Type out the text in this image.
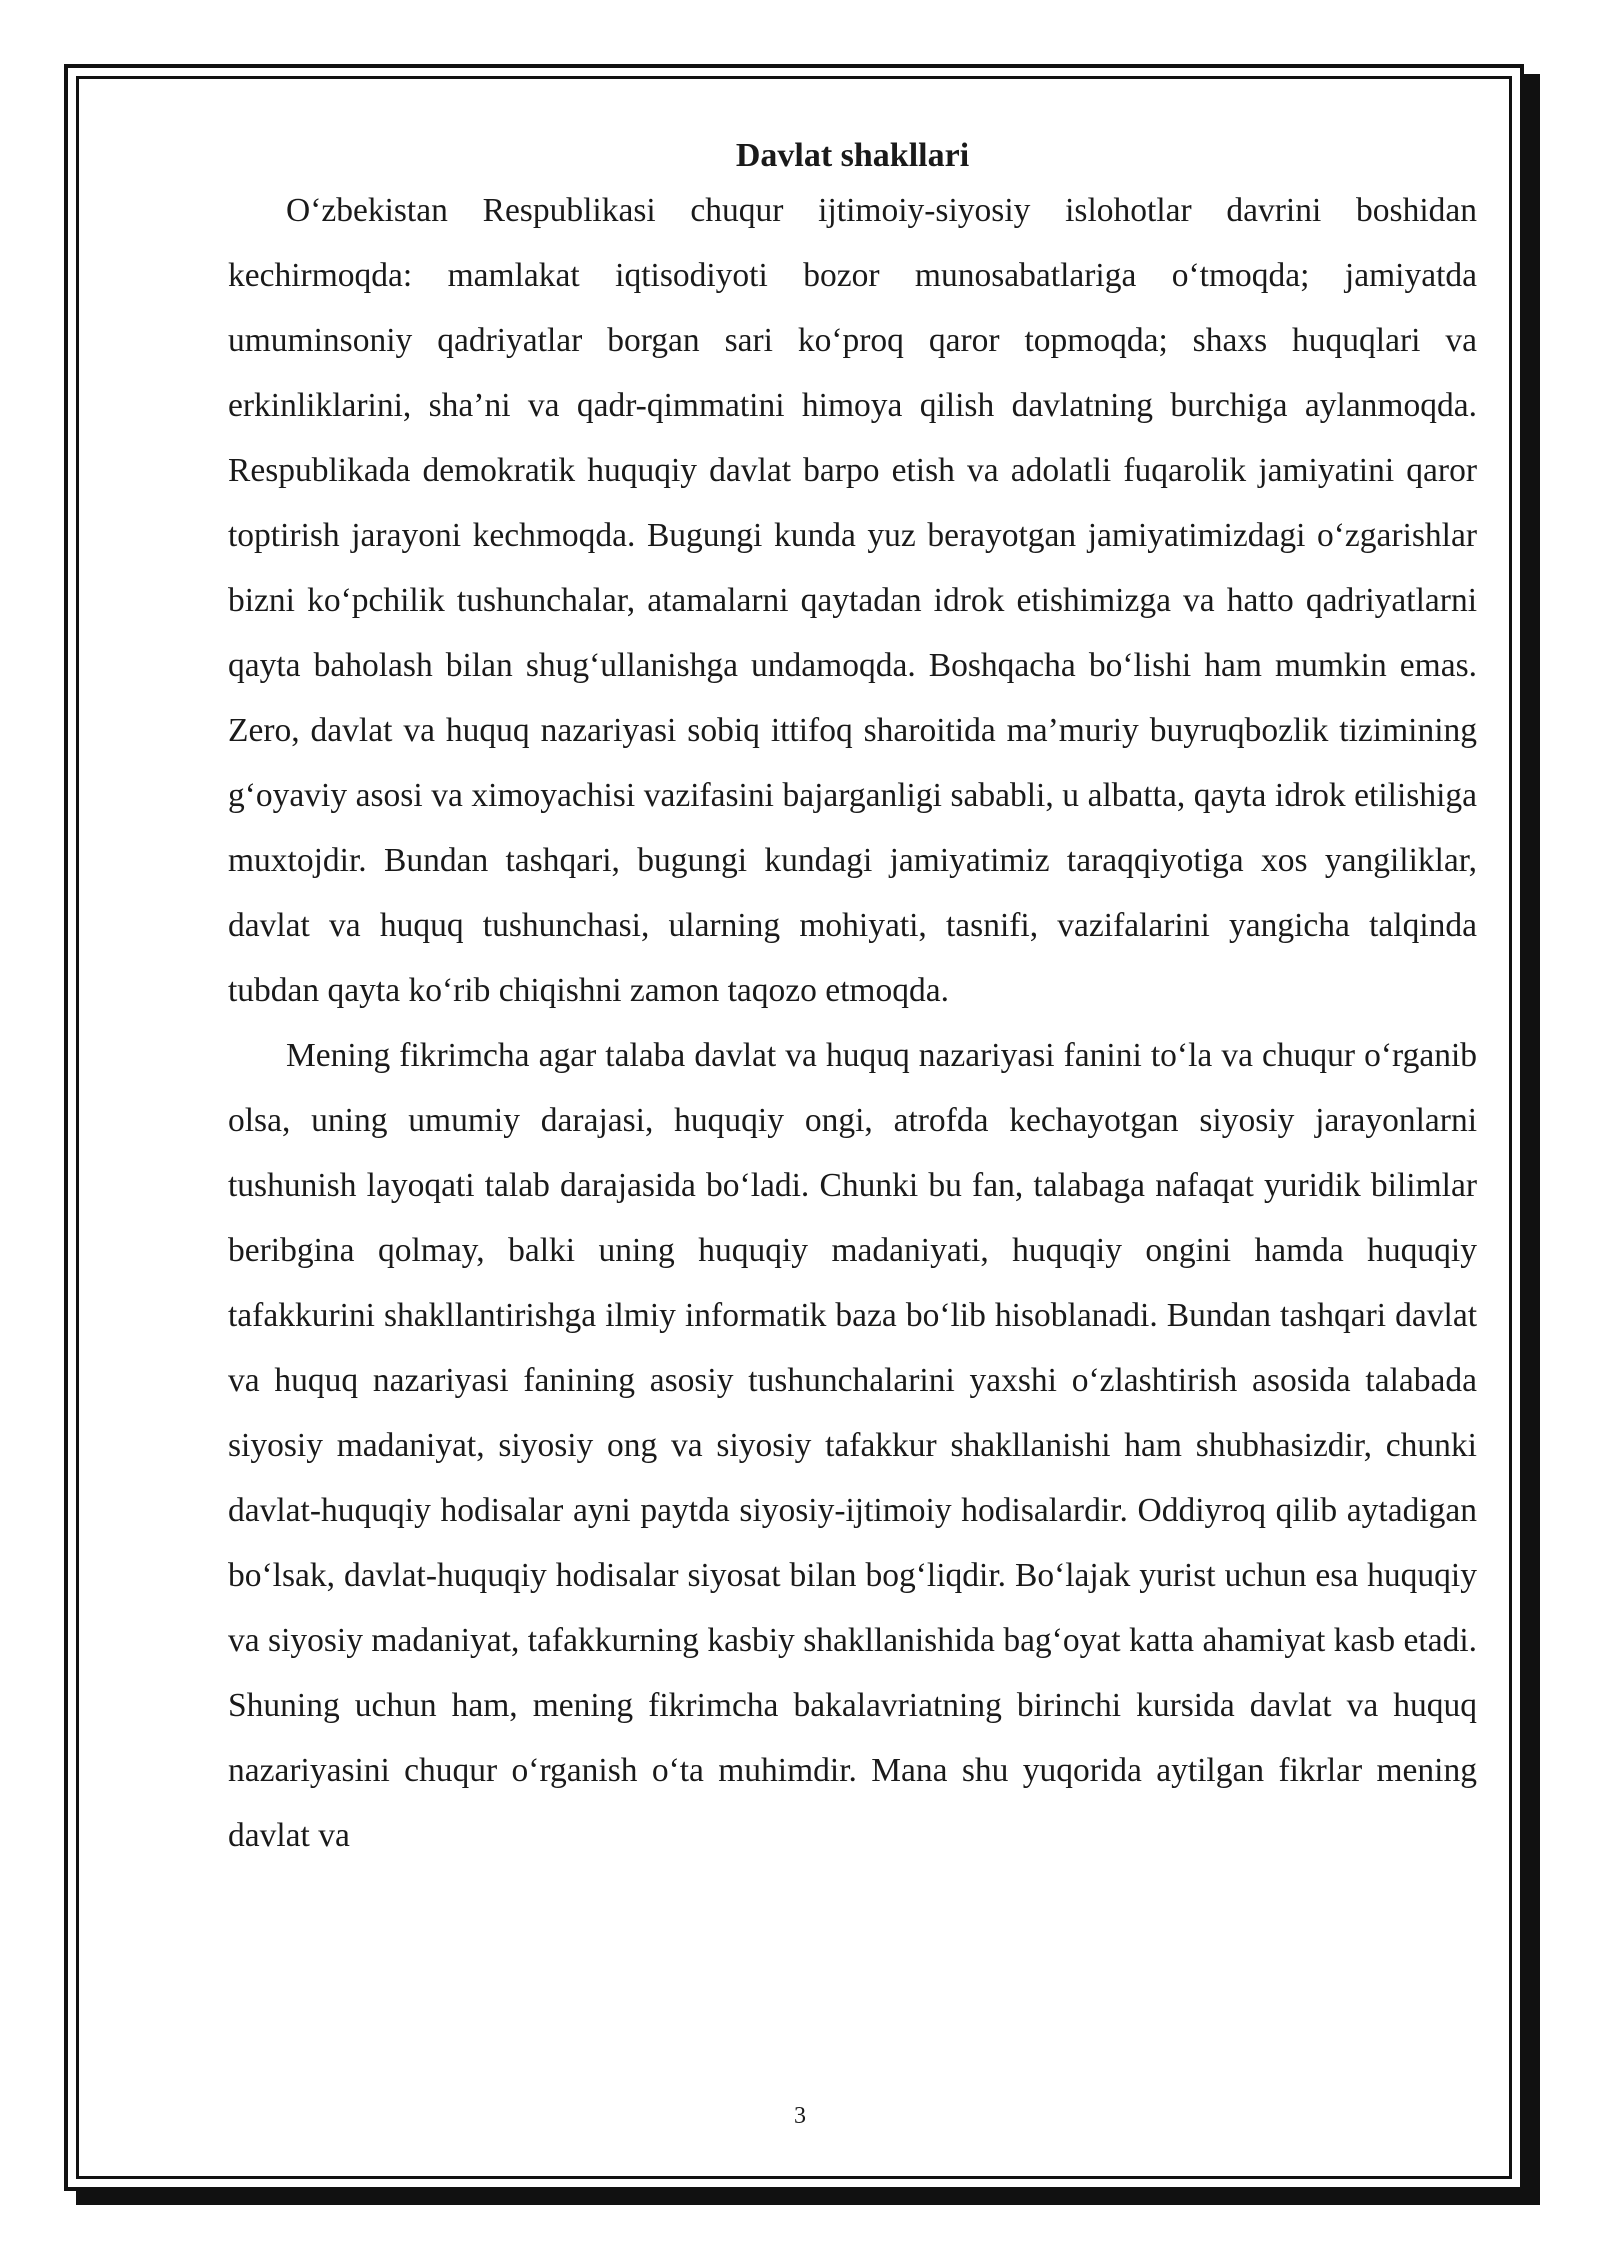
Davlat shakllari

O‘zbekistan Respublikasi chuqur ijtimoiy-siyosiy islohotlar davrini boshidan kechirmoqda: mamlakat iqtisodiyoti bozor munosabatlariga o‘tmoqda; jamiyatda umuminsoniy qadriyatlar borgan sari ko‘proq qaror topmoqda; shaxs huquqlari va erkinliklarini, sha’ni va qadr-qimmatini himoya qilish davlatning burchiga aylanmoqda. Respublikada demokratik huquqiy davlat barpo etish va adolatli fuqarolik jamiyatini qaror toptirish jarayoni kechmoqda. Bugungi kunda yuz berayotgan jamiyatimizdagi o‘zgarishlar bizni ko‘pchilik tushunchalar, atamalarni qaytadan idrok etishimizga va hatto qadriyatlarni qayta baholash bilan shug‘ullanishga undamoqda. Boshqacha bo‘lishi ham mumkin emas. Zero, davlat va huquq nazariyasi sobiq ittifoq sharoitida ma’muriy buyruqbozlik tizimining g‘oyaviy asosi va ximoyachisi vazifasini bajarganligi sababli, u albatta, qayta idrok etilishiga muxtojdir. Bundan tashqari, bugungi kundagi jamiyatimiz taraqqiyotiga xos yangiliklar, davlat va huquq tushunchasi, ularning mohiyati, tasnifi, vazifalarini yangicha talqinda tubdan qayta ko‘rib chiqishni zamon taqozo etmoqda.

Mening fikrimcha agar talaba davlat va huquq nazariyasi fanini to‘la va chuqur o‘rganib olsa, uning umumiy darajasi, huquqiy ongi, atrofda kechayotgan siyosiy jarayonlarni tushunish layoqati talab darajasida bo‘ladi. Chunki bu fan, talabaga nafaqat yuridik bilimlar beribgina qolmay, balki uning huquqiy madaniyati, huquqiy ongini hamda huquqiy tafakkurini shakllantirishga ilmiy informatik baza bo‘lib hisoblanadi. Bundan tashqari davlat va huquq nazariyasi fanining asosiy tushunchalarini yaxshi o‘zlashtirish asosida talabada siyosiy madaniyat, siyosiy ong va siyosiy tafakkur shakllanishi ham shubhasizdir, chunki davlat-huquqiy hodisalar ayni paytda siyosiy-ijtimoiy hodisalardir. Oddiyroq qilib aytadigan bo‘lsak, davlat-huquqiy hodisalar siyosat bilan bog‘liqdir. Bo‘lajak yurist uchun esa huquqiy va siyosiy madaniyat, tafakkurning kasbiy shakllanishida bag‘oyat katta ahamiyat kasb etadi. Shuning uchun ham, mening fikrimcha bakalavriatning birinchi kursida davlat va huquq nazariyasini chuqur o‘rganish o‘ta muhimdir. Mana shu yuqorida aytilgan fikrlar mening davlat va

3
